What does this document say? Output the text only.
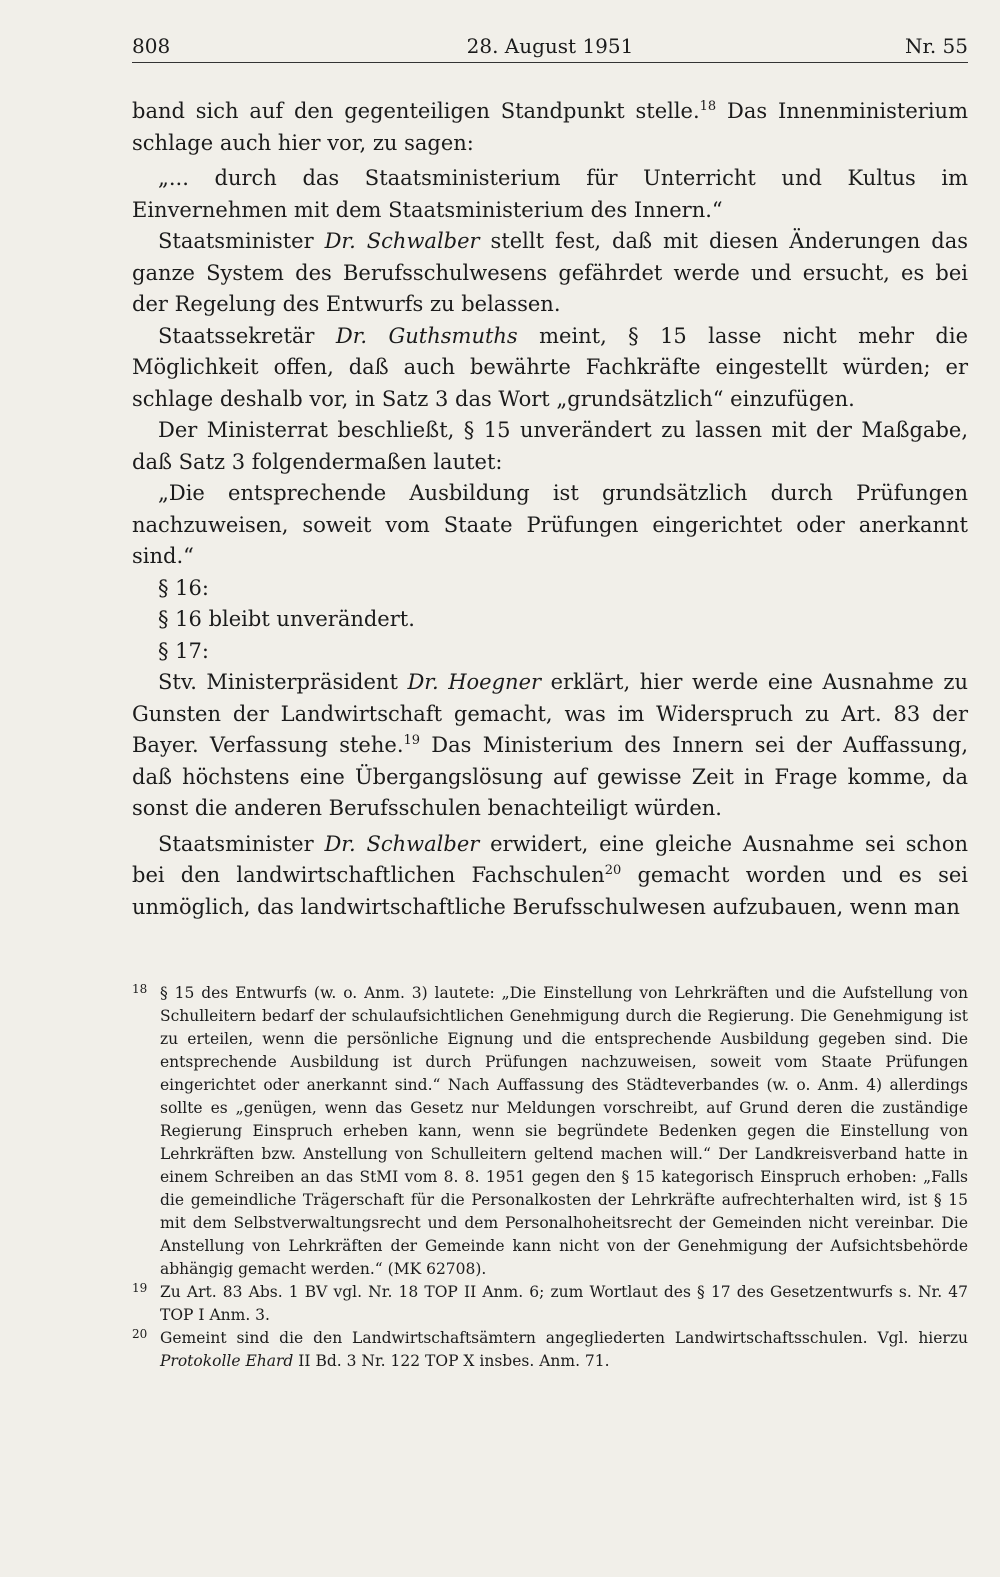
808	28. August 1951	Nr. 55

band sich auf den gegenteiligen Standpunkt stelle.$^{18}$ Das Innenministerium schlage auch hier vor, zu sagen:

„... durch das Staatsministerium für Unterricht und Kultus im Einvernehmen mit dem Staatsministerium des Innern.“

Staatsminister Dr. Schwalber stellt fest, daß mit diesen Änderungen das ganze System des Berufsschulwesens gefährdet werde und ersucht, es bei der Regelung des Entwurfs zu belassen.

Staatssekretär Dr. Guthsmuths meint, § 15 lasse nicht mehr die Möglichkeit offen, daß auch bewährte Fachkräfte eingestellt würden; er schlage deshalb vor, in Satz 3 das Wort „grundsätzlich“ einzufügen.

Der Ministerrat beschließt, § 15 unverändert zu lassen mit der Maßgabe, daß Satz 3 folgendermaßen lautet:

„Die entsprechende Ausbildung ist grundsätzlich durch Prüfungen nachzuweisen, soweit vom Staate Prüfungen eingerichtet oder anerkannt sind.“

§ 16:

§ 16 bleibt unverändert.

§ 17:

Stv. Ministerpräsident Dr. Hoegner erklärt, hier werde eine Ausnahme zu Gunsten der Landwirtschaft gemacht, was im Widerspruch zu Art. 83 der Bayer. Verfassung stehe.$^{19}$ Das Ministerium des Innern sei der Auffassung, daß höchstens eine Übergangslösung auf gewisse Zeit in Frage komme, da sonst die anderen Berufsschulen benachteiligt würden.

Staatsminister Dr. Schwalber erwidert, eine gleiche Ausnahme sei schon bei den landwirtschaftlichen Fachschulen$^{20}$ gemacht worden und es sei unmöglich, das landwirtschaftliche Berufsschulwesen aufzubauen, wenn man

18 § 15 des Entwurfs (w. o. Anm. 3) lautete: „Die Einstellung von Lehrkräften und die Aufstellung von Schulleitern bedarf der schulaufsichtlichen Genehmigung durch die Regierung. Die Genehmigung ist zu erteilen, wenn die persönliche Eignung und die entsprechende Ausbildung gegeben sind. Die entsprechende Ausbildung ist durch Prüfungen nachzuweisen, soweit vom Staate Prüfungen eingerichtet oder anerkannt sind.“ Nach Auffassung des Städteverbandes (w. o. Anm. 4) allerdings sollte es „genügen, wenn das Gesetz nur Meldungen vorschreibt, auf Grund deren die zuständige Regierung Einspruch erheben kann, wenn sie begründete Bedenken gegen die Einstellung von Lehrkräften bzw. Anstellung von Schulleitern geltend machen will.“ Der Landkreisverband hatte in einem Schreiben an das StMI vom 8. 8. 1951 gegen den § 15 kategorisch Einspruch erhoben: „Falls die gemeindliche Trägerschaft für die Personalkosten der Lehrkräfte aufrechterhalten wird, ist § 15 mit dem Selbstverwaltungsrecht und dem Personalhoheitsrecht der Gemeinden nicht vereinbar. Die Anstellung von Lehrkräften der Gemeinde kann nicht von der Genehmigung der Aufsichtsbehörde abhängig gemacht werden.“ (MK 62708).

19 Zu Art. 83 Abs. 1 BV vgl. Nr. 18 TOP II Anm. 6; zum Wortlaut des § 17 des Gesetzentwurfs s. Nr. 47 TOP I Anm. 3.

20 Gemeint sind die den Landwirtschaftsämtern angegliederten Landwirtschaftsschulen. Vgl. hierzu Protokolle Ehard II Bd. 3 Nr. 122 TOP X insbes. Anm. 71.
